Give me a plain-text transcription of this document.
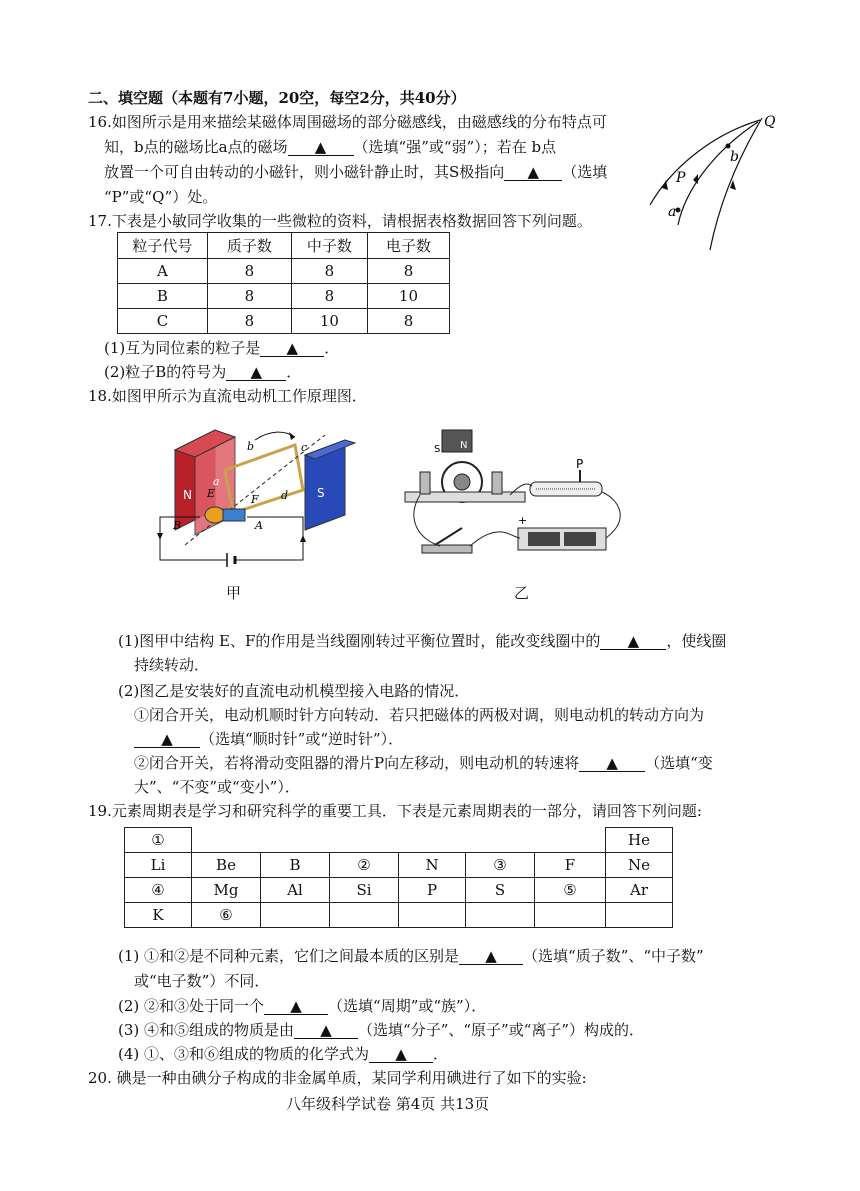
二、填空题（本题有7小题，20空，每空2分，共40分）
16.如图所示是用来描绘某磁体周围磁场的部分磁感线，由磁感线的分布特点可
知，b点的磁场比a点的磁场 ▲ （选填“强”或“弱”）；若在 b点
放置一个可自由转动的小磁针，则小磁针静止时，其S极指向 ▲ （选填
“P”或“Q”）处。
Q
b
P
a
17.下表是小敏同学收集的一些微粒的资料，请根据表格数据回答下列问题。
粒子代号	质子数	中子数	电子数
A	8	8	8
B	8	8	10
C	8	10	8
(1)互为同位素的粒子是 ▲ ．
(2)粒子B的符号为 ▲ ．
18.如图甲所示为直流电动机工作原理图．
N	S
b	c
a
d
E	F
B	A
甲
S N
P
+
乙
(1)图甲中结构 E、F的作用是当线圈刚转过平衡位置时，能改变线圈中的 ▲ ，使线圈
持续转动．
(2)图乙是安装好的直流电动机模型接入电路的情况．
①闭合开关，电动机顺时针方向转动．若只把磁体的两极对调，则电动机的转动方向为
▲ （选填“顺时针”或“逆时针”）．
②闭合开关，若将滑动变阻器的滑片P向左移动，则电动机的转速将 ▲ （选填“变
大”、“不变”或“变小”）．
19.元素周期表是学习和研究科学的重要工具．下表是元素周期表的一部分，请回答下列问题:
①							He
Li	Be	B	②	N	③	F	Ne
④	Mg	Al	Si	P	S	⑤	Ar
K	⑥						
(1) ①和②是不同种元素，它们之间最本质的区别是 ▲ （选填“质子数”、“中子数”
或“电子数”）不同．
(2) ②和③处于同一个 ▲ （选填“周期”或“族”）．
(3) ④和⑤组成的物质是由 ▲ （选填“分子”、“原子”或“离子”）构成的．
(4) ①、③和⑥组成的物质的化学式为 ▲ ．
20. 碘是一种由碘分子构成的非金属单质，某同学利用碘进行了如下的实验:
八年级科学试卷 第4页 共13页
